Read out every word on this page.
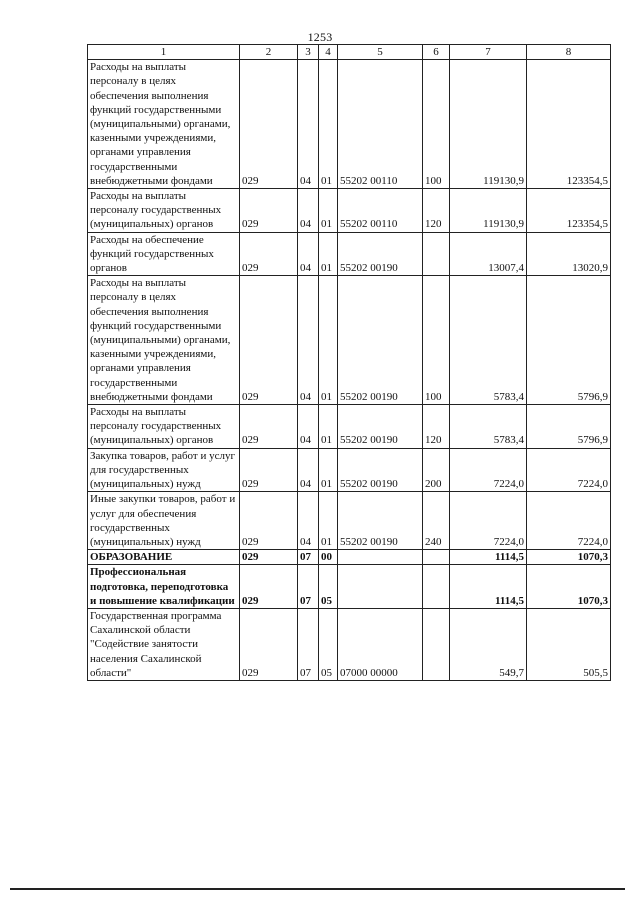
1253
1	2	3	4	5	6	7	8
Расходы на выплаты персоналу в целях обеспечения выполнения функций государственными (муниципальными) органами, казенными учреждениями, органами управления государственными внебюджетными фондами	029	04	01	55202 00110	100	119130,9	123354,5
Расходы на выплаты персоналу государственных (муниципальных) органов	029	04	01	55202 00110	120	119130,9	123354,5
Расходы на обеспечение функций государственных органов	029	04	01	55202 00190		13007,4	13020,9
Расходы на выплаты персоналу в целях обеспечения выполнения функций государственными (муниципальными) органами, казенными учреждениями, органами управления государственными внебюджетными фондами	029	04	01	55202 00190	100	5783,4	5796,9
Расходы на выплаты персоналу государственных (муниципальных) органов	029	04	01	55202 00190	120	5783,4	5796,9
Закупка товаров, работ и услуг для государственных (муниципальных) нужд	029	04	01	55202 00190	200	7224,0	7224,0
Иные закупки товаров, работ и услуг для обеспечения государственных (муниципальных) нужд	029	04	01	55202 00190	240	7224,0	7224,0
ОБРАЗОВАНИЕ	029	07	00			1114,5	1070,3
Профессиональная подготовка, переподготовка и повышение квалификации	029	07	05			1114,5	1070,3
Государственная программа Сахалинской области "Содействие занятости населения Сахалинской области"	029	07	05	07000 00000		549,7	505,5
